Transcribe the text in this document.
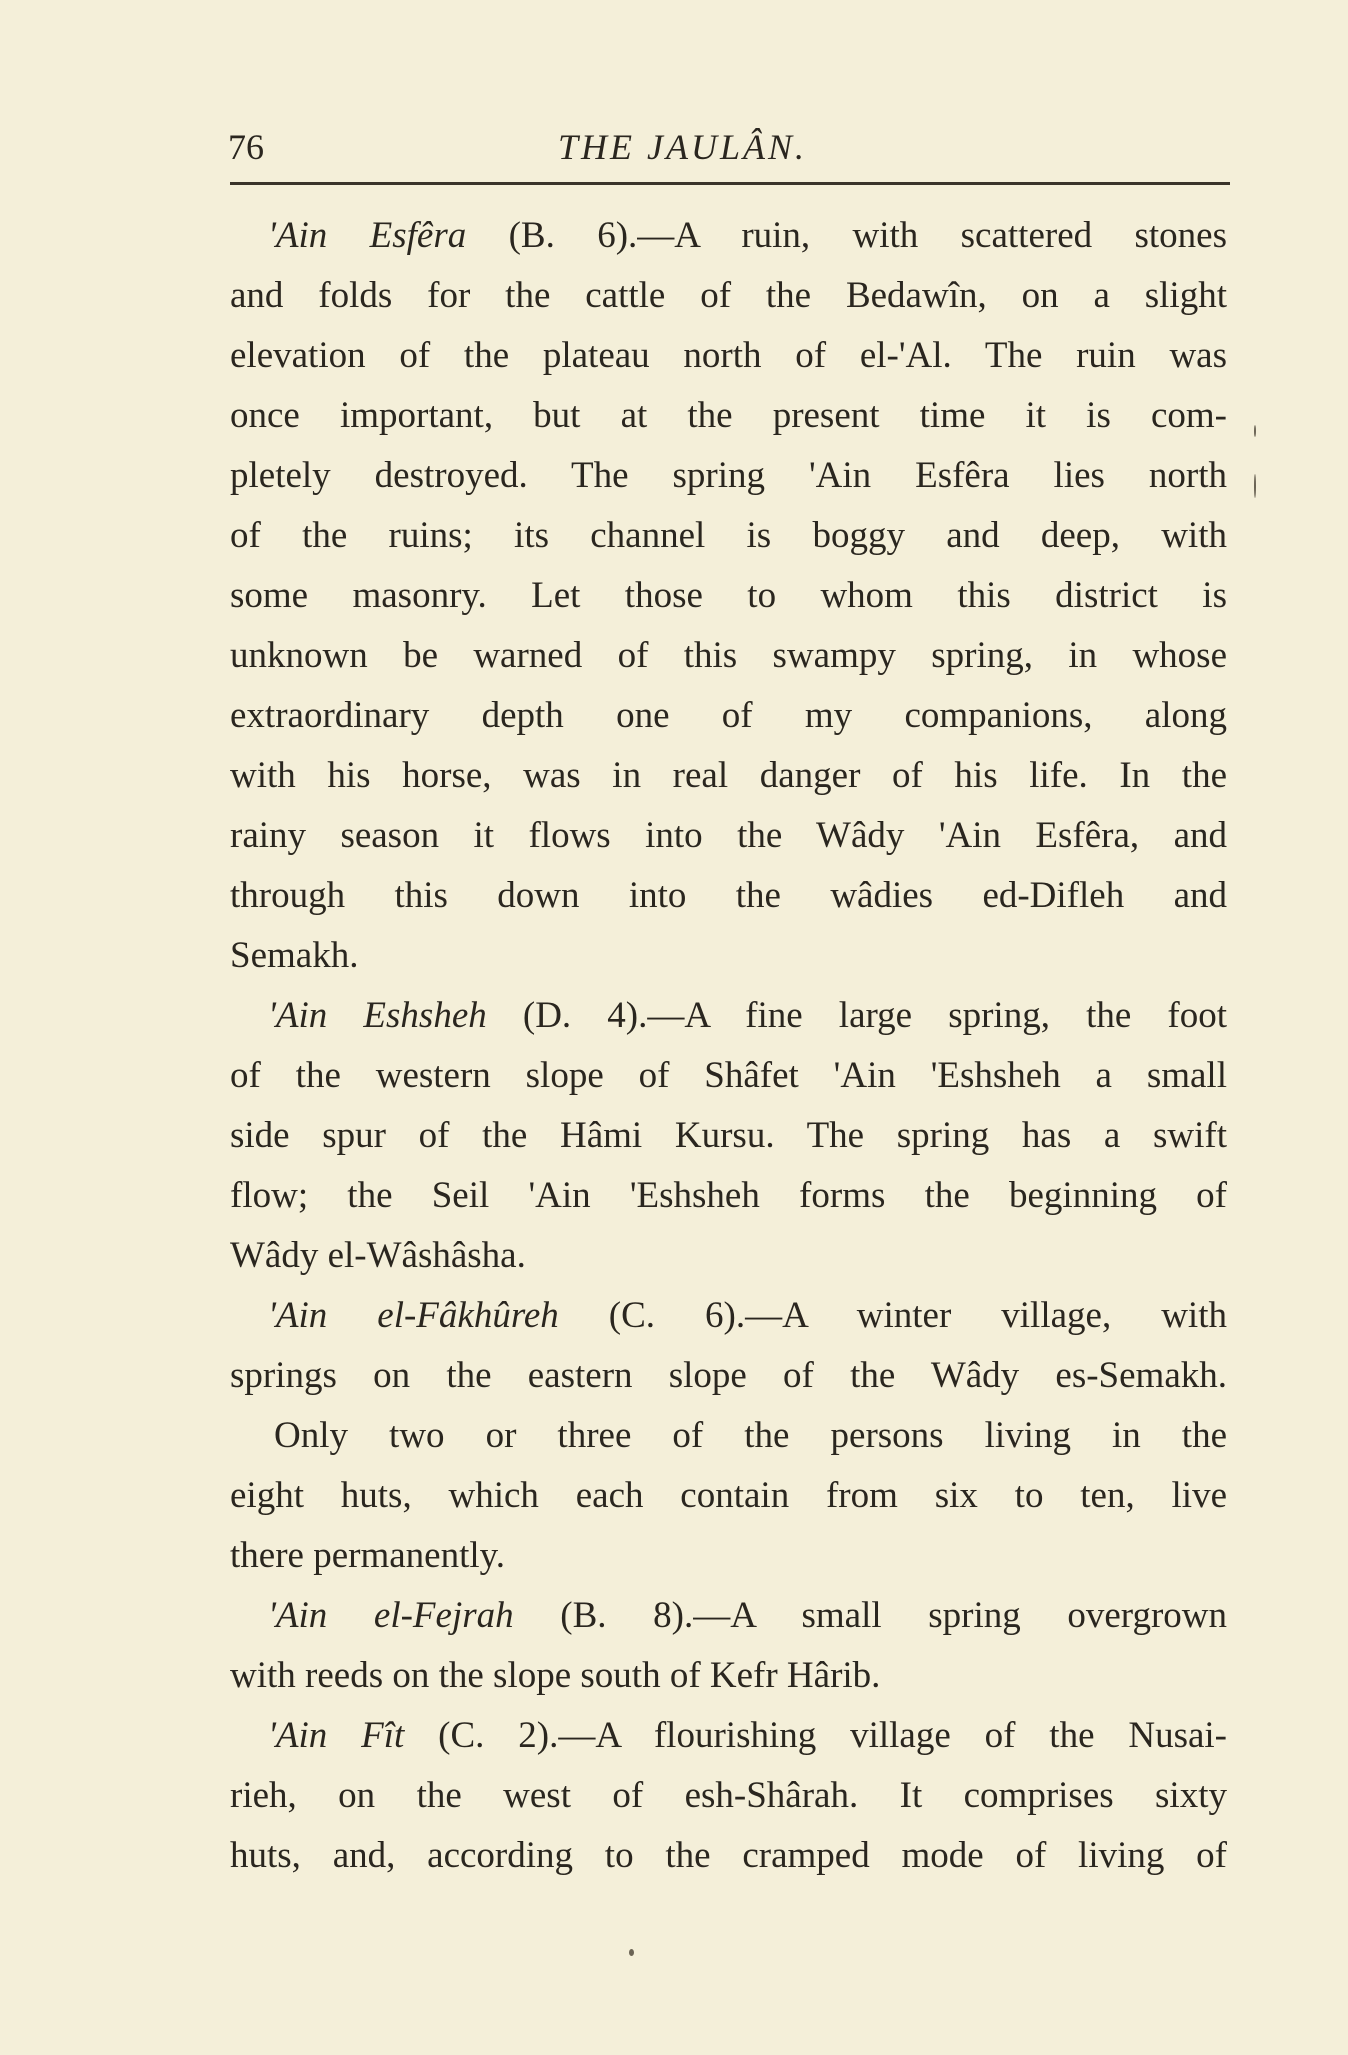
76	THE JAULÂN.
'Ain Esfêra (B. 6).—A ruin, with scattered stones
and folds for the cattle of the Bedawîn, on a slight
elevation of the plateau north of el-'Al. The ruin was
once important, but at the present time it is com-
pletely destroyed. The spring 'Ain Esfêra lies north
of the ruins; its channel is boggy and deep, with
some masonry. Let those to whom this district is
unknown be warned of this swampy spring, in whose
extraordinary depth one of my companions, along
with his horse, was in real danger of his life. In the
rainy season it flows into the Wâdy 'Ain Esfêra, and
through this down into the wâdies ed-Difleh and
Semakh.
'Ain Eshsheh (D. 4).—A fine large spring, the foot
of the western slope of Shâfet 'Ain 'Eshsheh a small
side spur of the Hâmi Kursu. The spring has a swift
flow; the Seil 'Ain 'Eshsheh forms the beginning of
Wâdy el-Wâshâsha.
'Ain el-Fâkhûreh (C. 6).—A winter village, with
springs on the eastern slope of the Wâdy es-Semakh.
Only two or three of the persons living in the
eight huts, which each contain from six to ten, live
there permanently.
'Ain el-Fejrah (B. 8).—A small spring overgrown
with reeds on the slope south of Kefr Hârib.
'Ain Fît (C. 2).—A flourishing village of the Nusai-
rieh, on the west of esh-Shârah. It comprises sixty
huts, and, according to the cramped mode of living of
